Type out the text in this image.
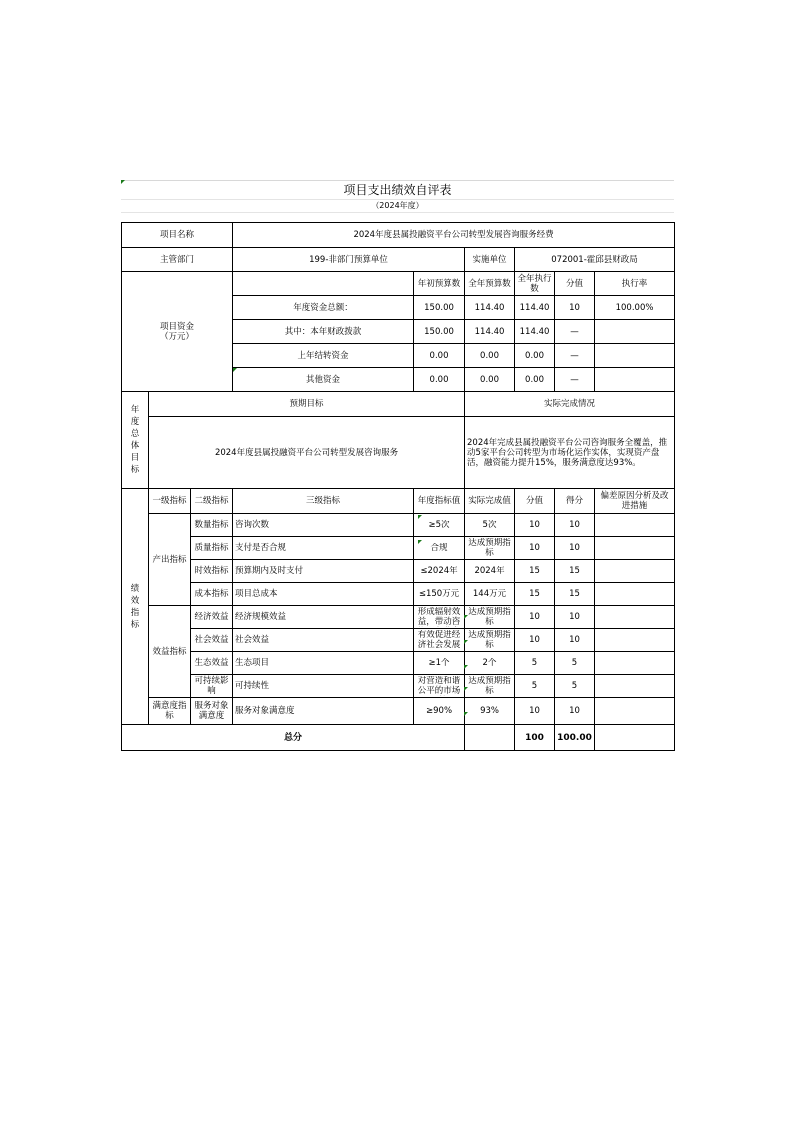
项目支出绩效自评表
（2024年度）
项目名称			2024年度县属投融资平台公司转型发展咨询服务经费						
主管部门			199-非部门预算单位		实施单位	072001-霍邱县财政局			
项目资金
（万元）				年初预算数	全年预算数	全年执行数	分值	执行率	
			年度资金总额：	150.00	114.40	114.40	10	100.00%	
			其中：本年财政拨款	150.00	114.40	114.40	—		
			上年结转资金	0.00	0.00	0.00	—		
			其他资金	0.00	0.00	0.00	—		
年度总体目标	预期目标				实际完成情况				
	2024年度县属投融资平台公司转型发展咨询服务				2024年完成县属投融资平台公司咨询服务全覆盖，推动5家平台公司转型为市场化运作实体，实现资产盘活，融资能力提升15%，服务满意度达93%。				
绩效指标	一级指标	二级指标	三级指标	年度指标值	实际完成值	分值	得分	偏差原因分析及改进措施	
	产出指标	数量指标	咨询次数	≥5次	5次	10	10		
		质量指标	支付是否合规	合规	达成预期指标	10	10		
		时效指标	预算期内及时支付	≤2024年	2024年	15	15		
		成本指标	项目总成本	≤150万元	144万元	15	15		
	效益指标	经济效益	经济规模效益	形成辐射效益，带动咨	达成预期指标	10	10		
		社会效益	社会效益	有效促进经济社会发展	达成预期指标	10	10		
		生态效益	生态项目	≥1个	2个	5	5		
		可持续影响	可持续性	对营造和谐公平的市场	达成预期指标	5	5		
	满意度指标	服务对象满意度	服务对象满意度	≥90%	93%	10	10		
总分						100	100.00		
